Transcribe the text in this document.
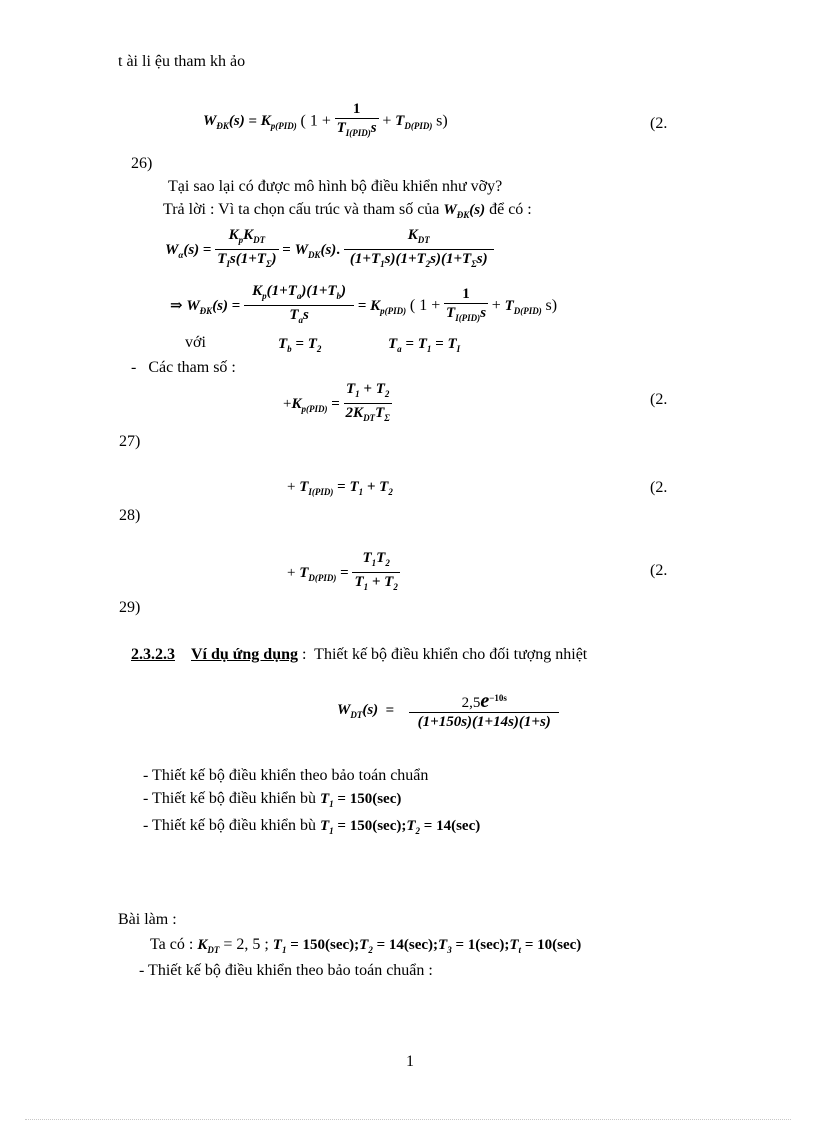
t ài li ệu tham kh ảo
$W_{ĐK}(s) = K_{p(PID)}$ ( $1 + \frac{1}{T_{I(PID)}s} + T_{D(PID)}$ s)	(2.
26)
Tại sao lại có được mô hình bộ điều khiển như vỡy?
Trả lời : Vì ta chọn cấu trúc và tham số của $W_{ĐK}(s)$ để có :
$W_\alpha(s) = \frac{K_pK_{DT}}{T_Is(1+T_\Sigma)} = W_{DK}(s)$. $\frac{K_{DT}}{(1+T_1s)(1+T_2s)(1+T_\Sigma s)}$
⇒ $W_{ĐK}(s) = \frac{K_p(1+T_a)(1+T_b)}{T_as} = K_{p(PID)}$ ( $1 + \frac{1}{T_{I(PID)}s} + T_{D(PID)}$ s)
với	$T_b = T_2$	$T_a = T_1 = T_I$
-   Các tham số :
$+K_{p(PID)} = \frac{T_1 + T_2}{2K_{DT}T_\Sigma}$	(2.
27)
+ $T_{I(PID)} = T_1 + T_2$	(2.
28)
+ $T_{D(PID)} = \frac{T_1T_2}{T_1 + T_2}$	(2.
29)
2.3.2.3 Ví dụ ứng dụng : Thiết kế bộ điều khiển cho đối tượng nhiệt
$W_{DT}(s) = \frac{2,5e^{-10s}}{(1+150s)(1+14s)(1+s)}$
- Thiết kế bộ điều khiển theo bảo toán chuẩn
- Thiết kế bộ điều khiển bù $T_1 = 150(\sec)$
- Thiết kế bộ điều khiển bù $T_1$ = $150(\sec);T_2 = 14(\sec)$
Bài làm :
Ta có : $K_{DT} = 2$, 5 ; $T_1$ = $150(\sec);T_2$ = $14(\sec);T_3$ = $1(\sec);T_t = 10(\sec)$
- Thiết kế bộ điều khiển theo bảo toán chuẩn :
1
